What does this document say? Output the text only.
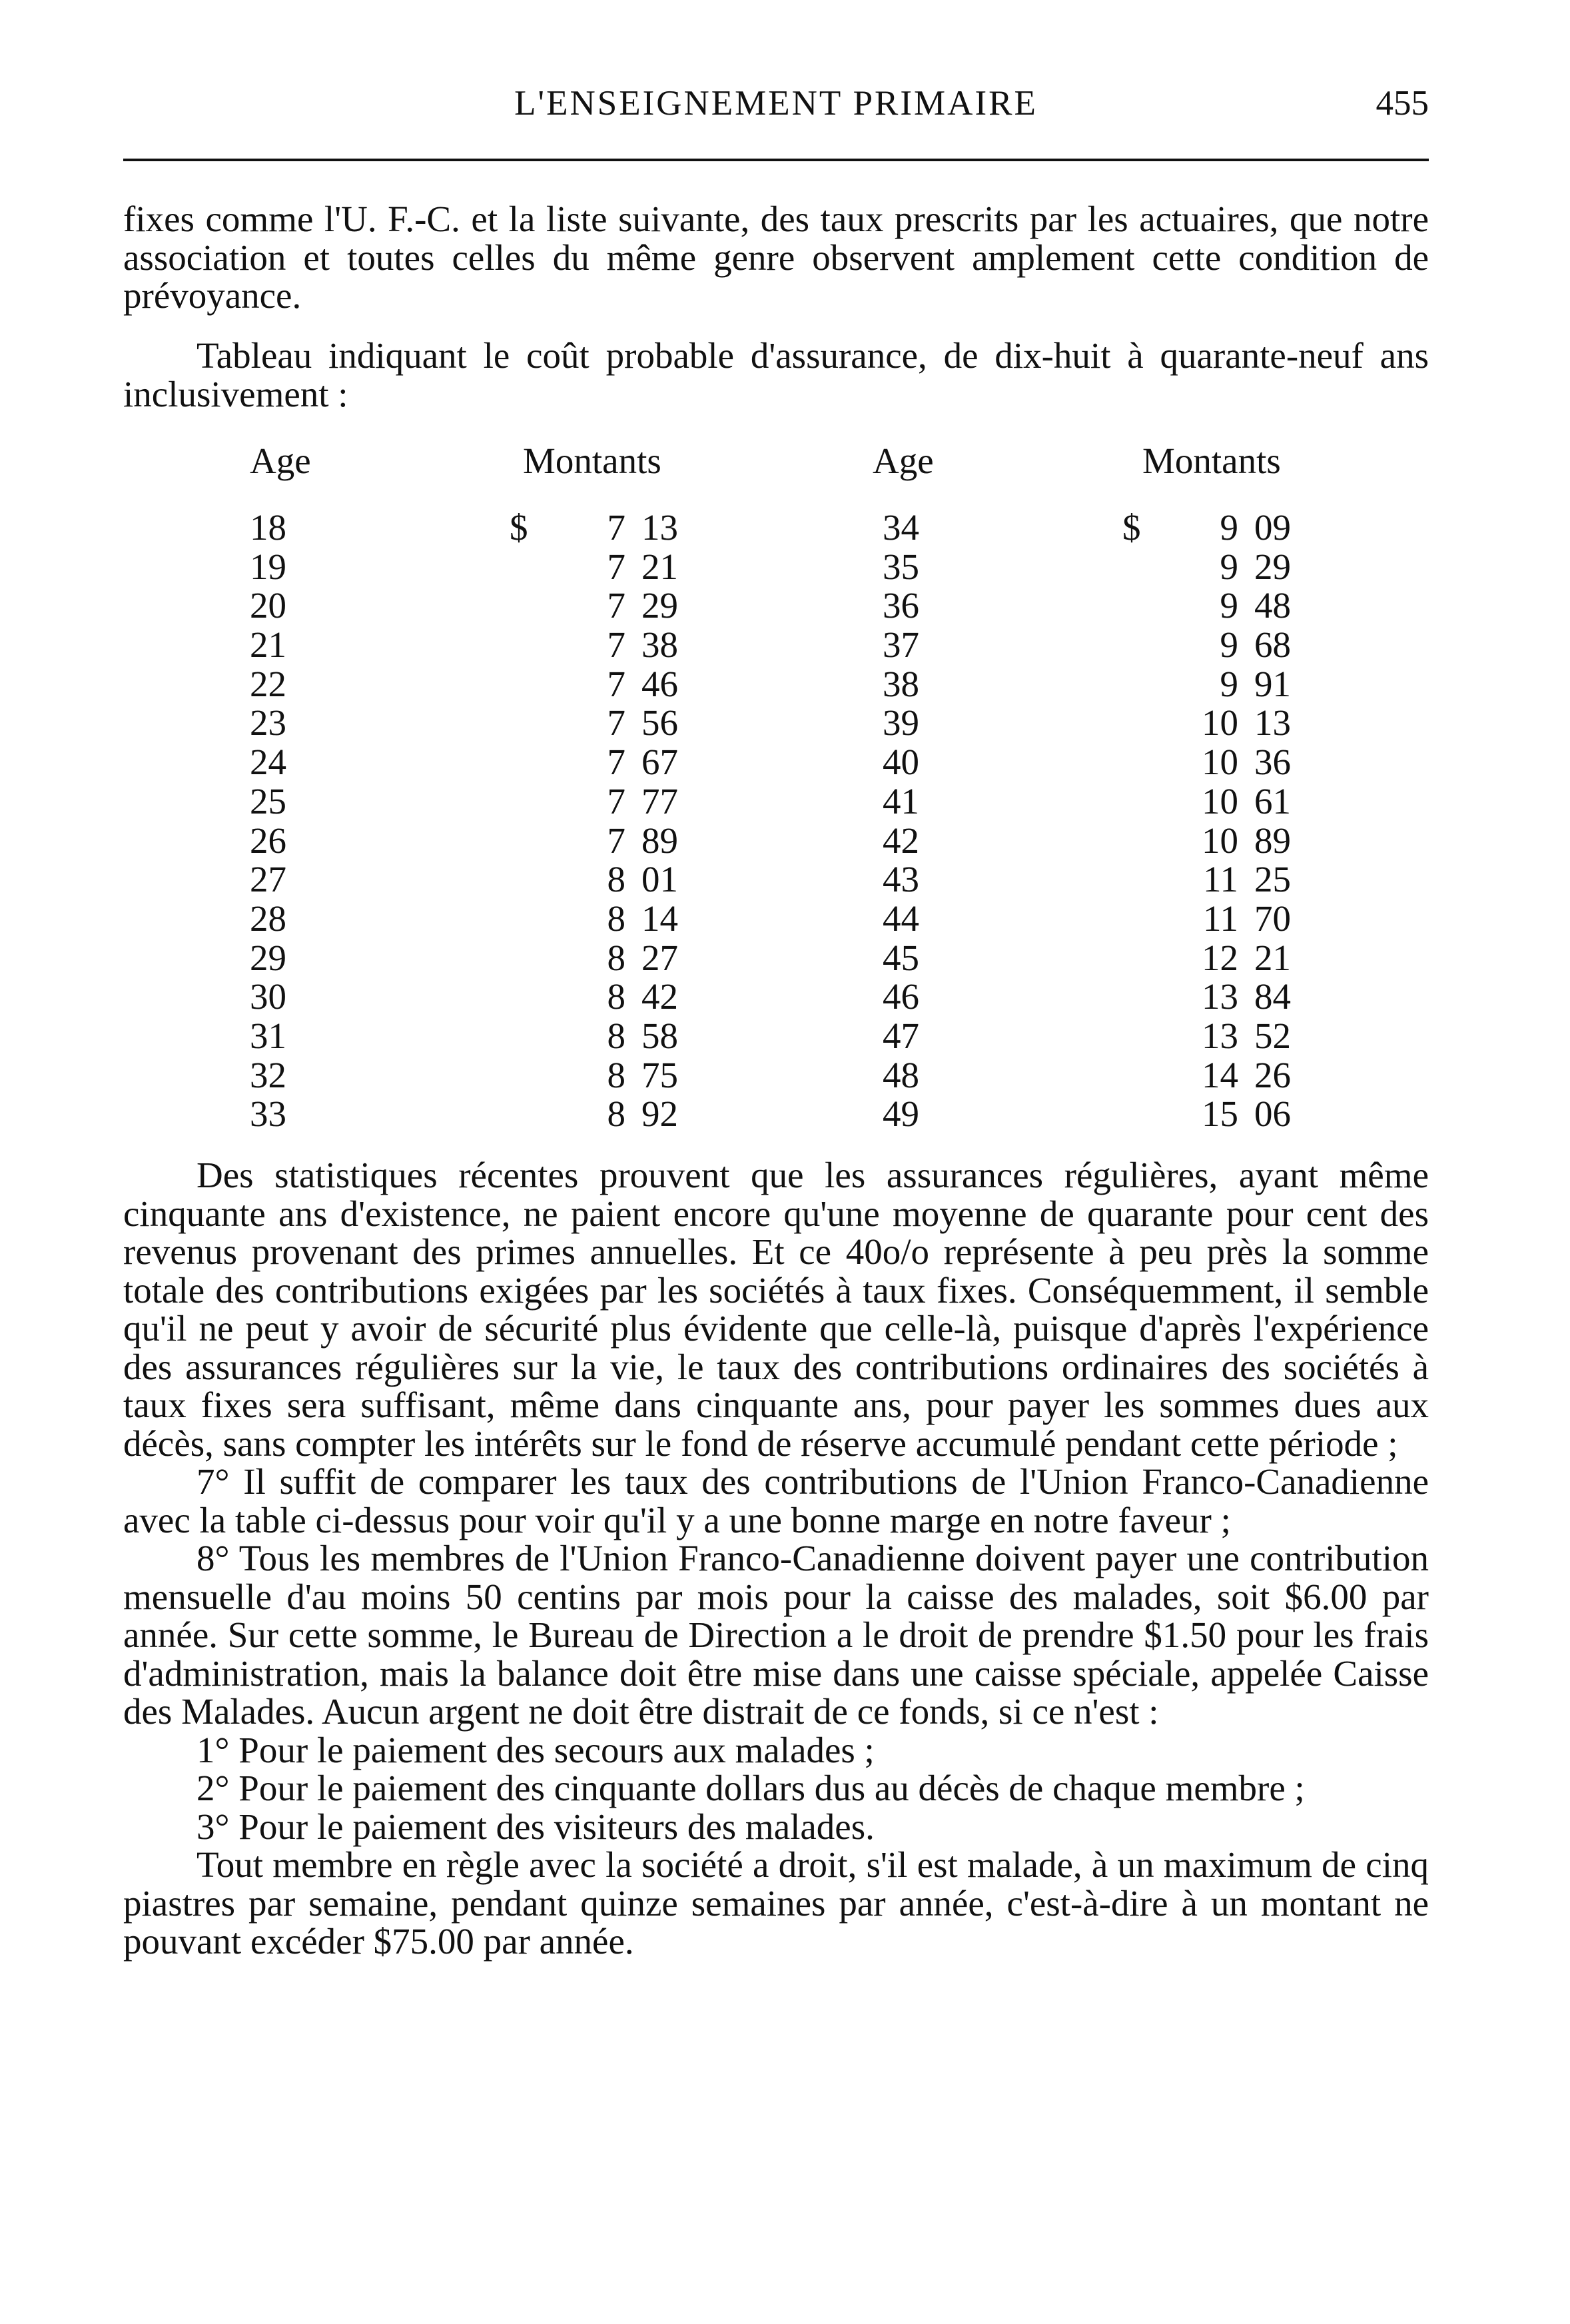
L'ENSEIGNEMENT PRIMAIRE	455

fixes comme l'U. F.-C. et la liste suivante, des taux prescrits par les actuaires, que notre association et toutes celles du même genre observent amplement cette condition de prévoyance.

Tableau indiquant le coût probable d'assurance, de dix-huit à quarante-neuf ans inclusivement :

Age	Montants	Age	Montants
18	$ 7 13	34	$ 9 09
19	7 21	35	9 29
20	7 29	36	9 48
21	7 38	37	9 68
22	7 46	38	9 91
23	7 56	39	10 13
24	7 67	40	10 36
25	7 77	41	10 61
26	7 89	42	10 89
27	8 01	43	11 25
28	8 14	44	11 70
29	8 27	45	12 21
30	8 42	46	13 84
31	8 58	47	13 52
32	8 75	48	14 26
33	8 92	49	15 06

Des statistiques récentes prouvent que les assurances régulières, ayant même cinquante ans d'existence, ne paient encore qu'une moyenne de quarante pour cent des revenus provenant des primes annuelles. Et ce 40o/o représente à peu près la somme totale des contributions exigées par les sociétés à taux fixes. Conséquemment, il semble qu'il ne peut y avoir de sécurité plus évidente que celle-là, puisque d'après l'expérience des assurances régulières sur la vie, le taux des contributions ordinaires des sociétés à taux fixes sera suffisant, même dans cinquante ans, pour payer les sommes dues aux décès, sans compter les intérêts sur le fond de réserve accumulé pendant cette période ;

7° Il suffit de comparer les taux des contributions de l'Union Franco-Canadienne avec la table ci-dessus pour voir qu'il y a une bonne marge en notre faveur ;

8° Tous les membres de l'Union Franco-Canadienne doivent payer une contribution mensuelle d'au moins 50 centins par mois pour la caisse des malades, soit $6.00 par année. Sur cette somme, le Bureau de Direction a le droit de prendre $1.50 pour les frais d'administration, mais la balance doit être mise dans une caisse spéciale, appelée Caisse des Malades. Aucun argent ne doit être distrait de ce fonds, si ce n'est :

1° Pour le paiement des secours aux malades ;

2° Pour le paiement des cinquante dollars dus au décès de chaque membre ;

3° Pour le paiement des visiteurs des malades.

Tout membre en règle avec la société a droit, s'il est malade, à un maximum de cinq piastres par semaine, pendant quinze semaines par année, c'est-à-dire à un montant ne pouvant excéder $75.00 par année.
